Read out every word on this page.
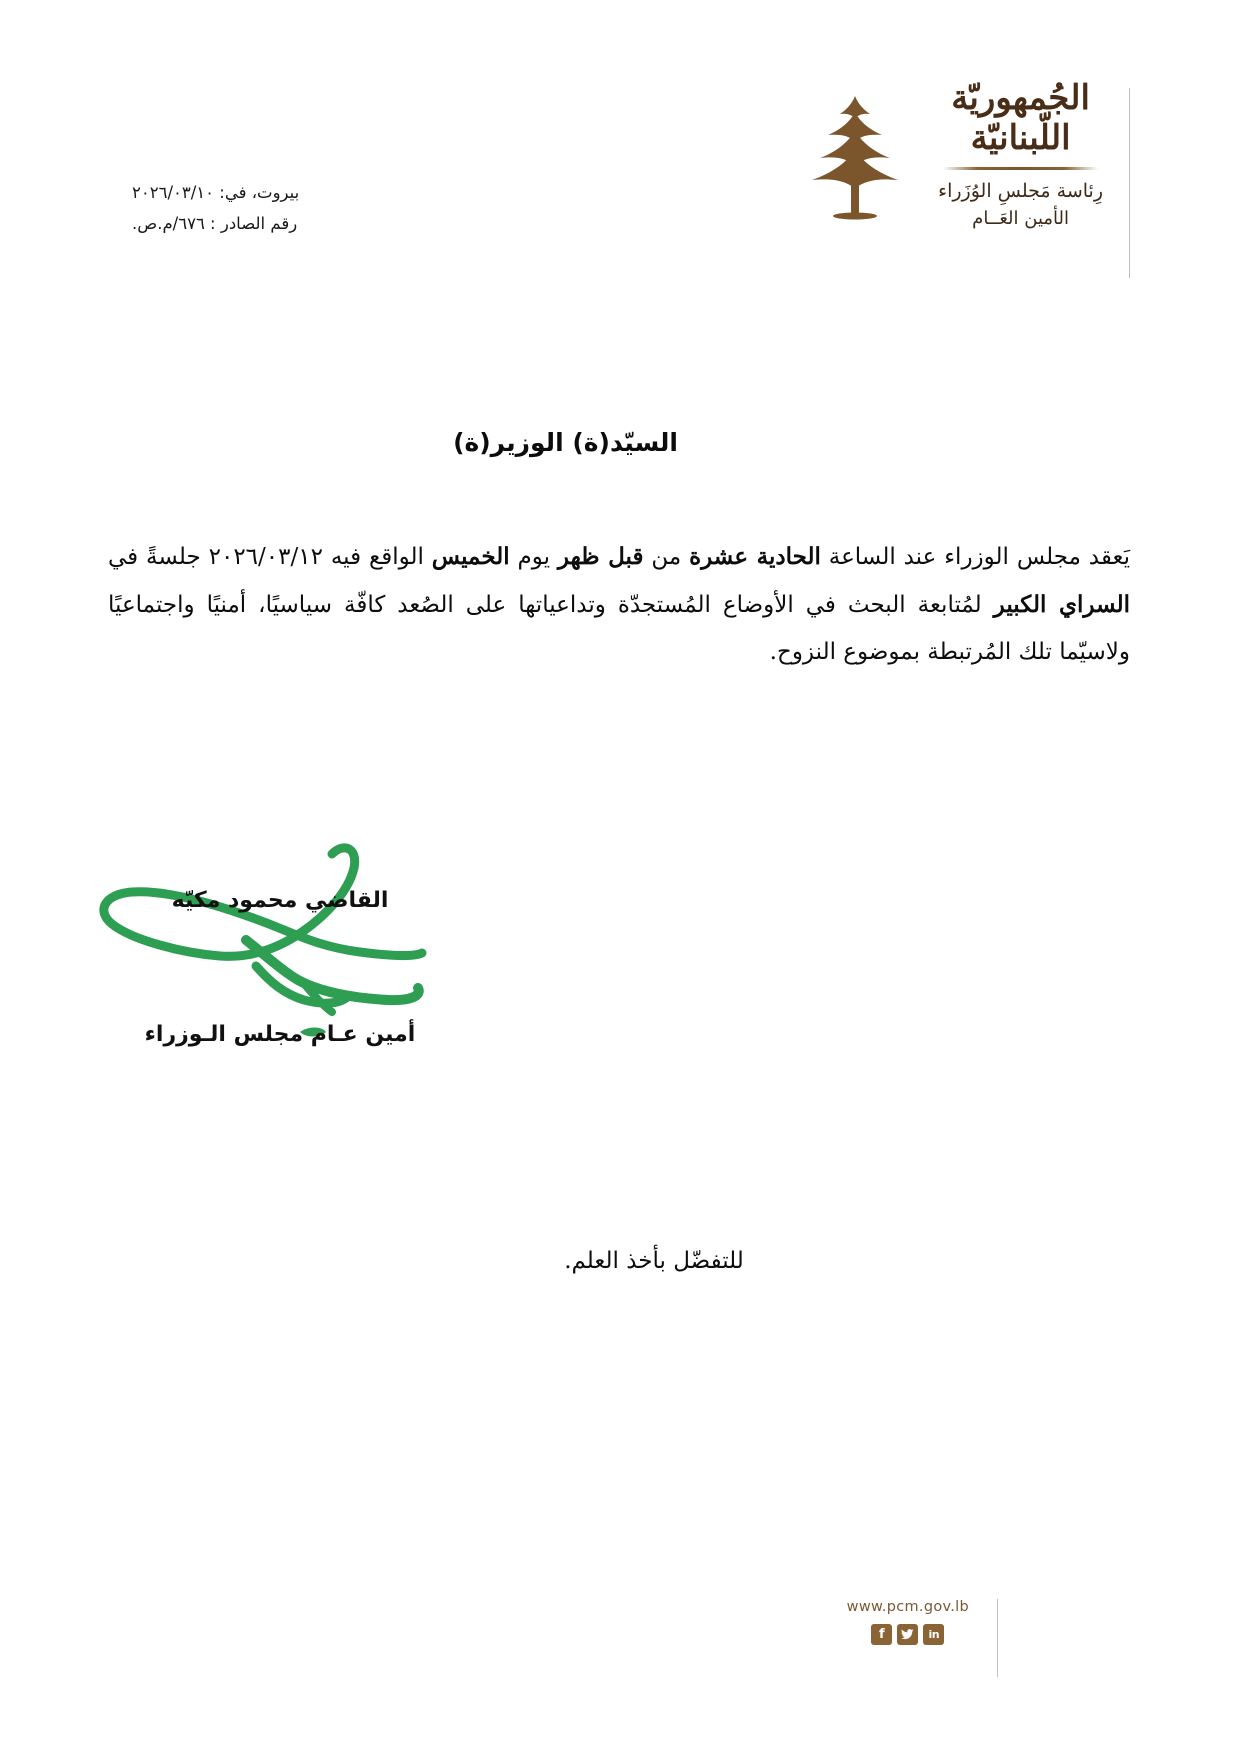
الجُمهوريّة
اللّبنانيّة
رِئاسة مَجلسِ الوُزَراء
الأمين العَــام
بيروت، في: ٢٠٢٦/٠٣/١٠
رقم الصادر : ٦٧٦/م.ص.
السيّد(ة) الوزير(ة)

يَعقد مجلس الوزراء عند الساعة الحادية عشرة من قبل ظهر يوم الخميس الواقع فيه ٢٠٢٦/٠٣/١٢ جلسةً في السراي الكبير لمُتابعة البحث في الأوضاع المُستجدّة وتداعياتها على الصُعد كافّة سياسيًا، أمنيًا واجتماعيًا ولاسيّما تلك المُرتبطة بموضوع النزوح.

للتفضّل بأخذ العلم.
القاضي محمود مكيّه
أمين عـام مجلس الـوزراء
www.pcm.gov.lb
f	in
